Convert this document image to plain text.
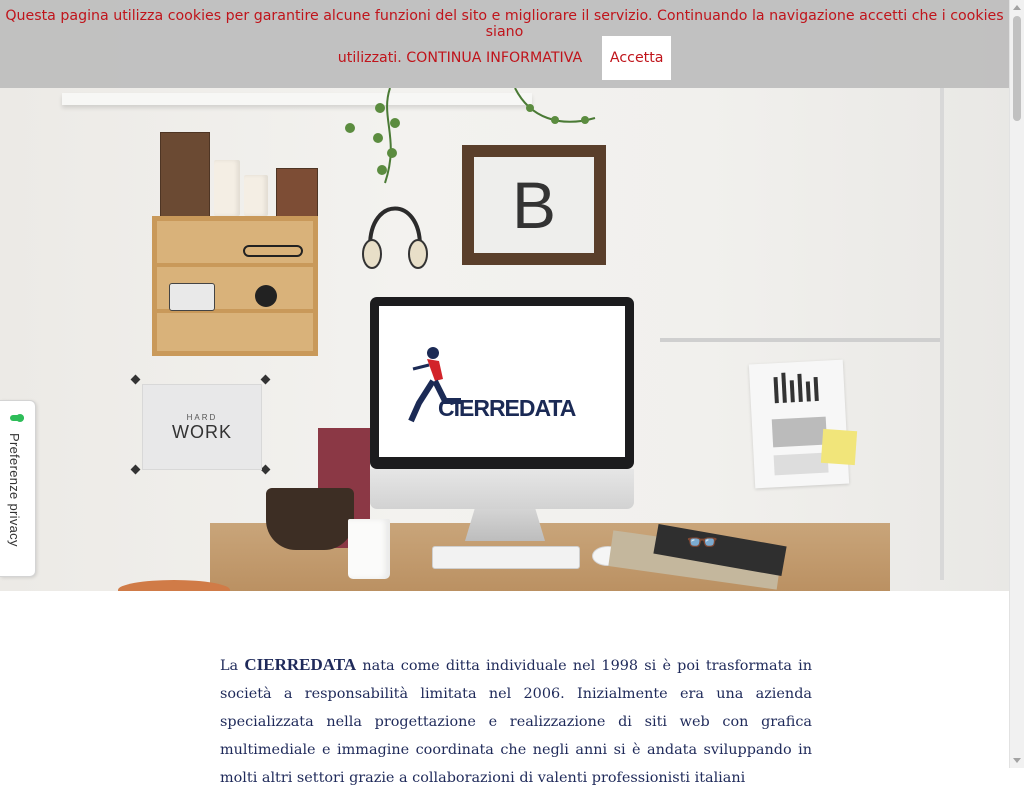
B
HARD
WORK
CIERREDATA
👓
Questa pagina utilizza cookies per garantire alcune funzioni del sito e migliorare il servizio. Continuando la navigazione accetti che i cookies siano
utilizzati. CONTINUA INFORMATIVA	Accetta
Preferenze privacy
La CIERREDATA nata come ditta individuale nel 1998 si è poi trasformata in società a responsabilità limitata nel 2006. Inizialmente era una azienda specializzata nella progettazione e realizzazione di siti web con grafica multimediale e immagine coordinata che negli anni si è andata sviluppando in molti altri settori grazie a collaborazioni di valenti professionisti italiani
